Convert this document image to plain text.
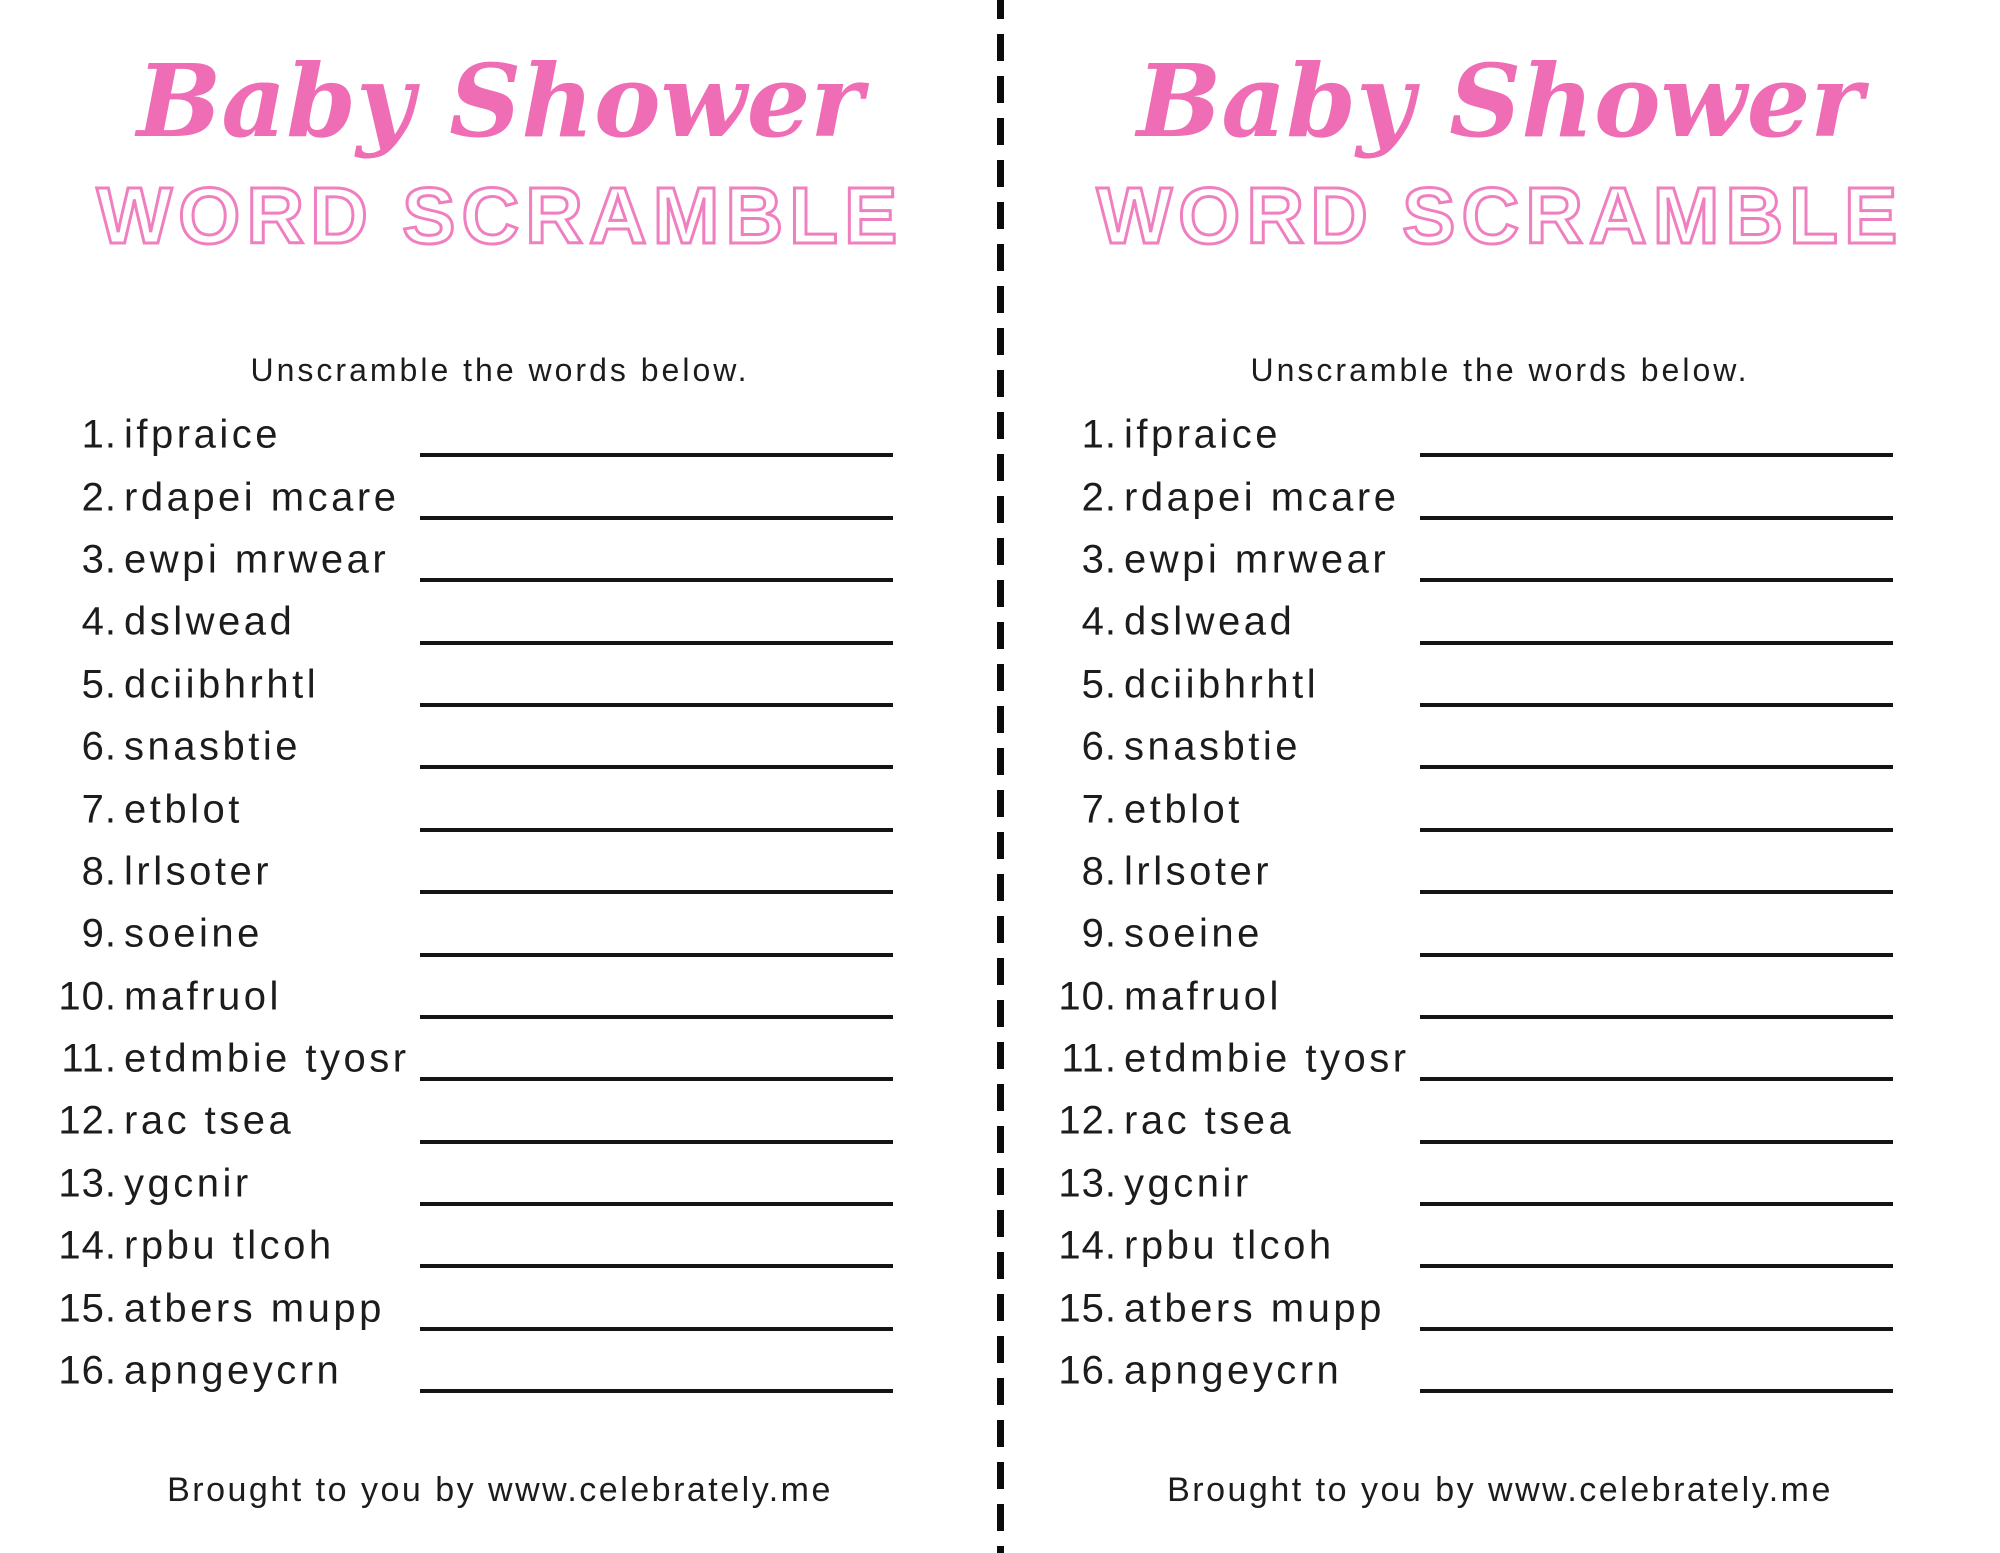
Baby Shower
WORD SCRAMBLE
Unscramble the words below.
1. ifpraice
2. rdapei mcare
3. ewpi mrwear
4. dslwead
5. dciibhrhtl
6. snasbtie
7. etblot
8. lrlsoter
9. soeine
10. mafruol
11. etdmbie tyosr
12. rac tsea
13. ygcnir
14. rpbu tlcoh
15. atbers mupp
16. apngeycrn
Brought to you by www.celebrately.me
Baby Shower
WORD SCRAMBLE
Unscramble the words below.
1. ifpraice
2. rdapei mcare
3. ewpi mrwear
4. dslwead
5. dciibhrhtl
6. snasbtie
7. etblot
8. lrlsoter
9. soeine
10. mafruol
11. etdmbie tyosr
12. rac tsea
13. ygcnir
14. rpbu tlcoh
15. atbers mupp
16. apngeycrn
Brought to you by www.celebrately.me
